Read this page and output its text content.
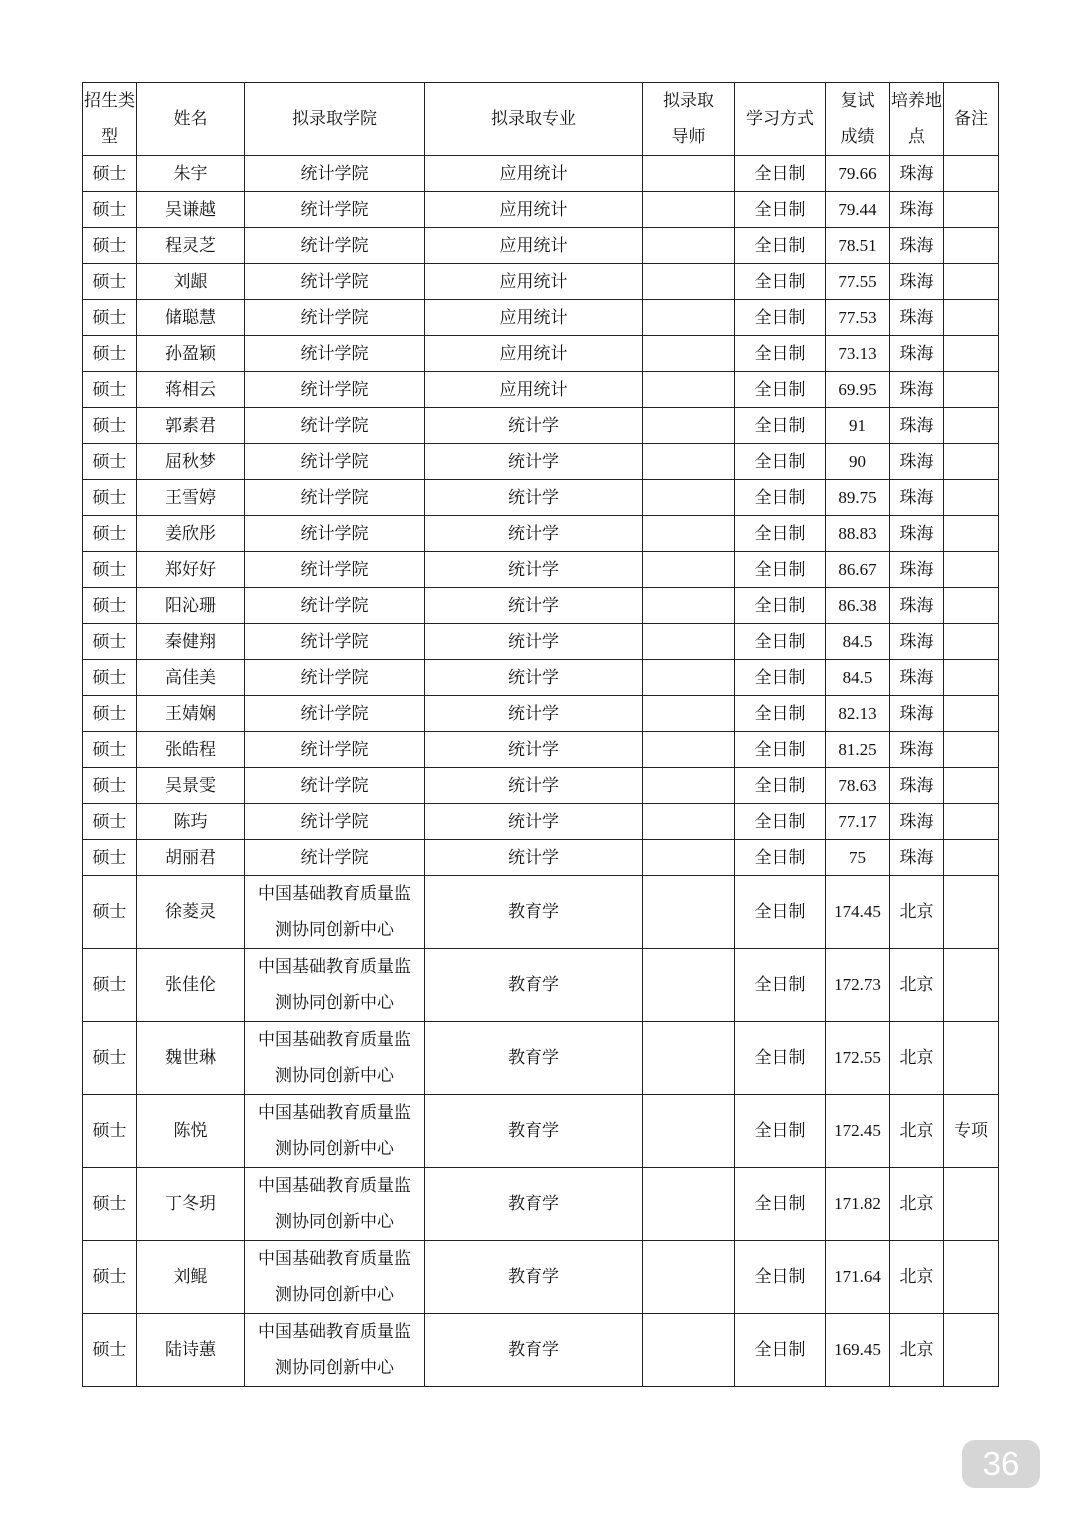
招生类型	姓名	拟录取学院	拟录取专业	拟录取导师	学习方式	复试成绩	培养地点	备注
硕士	朱宇	统计学院	应用统计		全日制	79.66	珠海	
硕士	吴谦越	统计学院	应用统计		全日制	79.44	珠海	
硕士	程灵芝	统计学院	应用统计		全日制	78.51	珠海	
硕士	刘龈	统计学院	应用统计		全日制	77.55	珠海	
硕士	储聪慧	统计学院	应用统计		全日制	77.53	珠海	
硕士	孙盈颖	统计学院	应用统计		全日制	73.13	珠海	
硕士	蒋相云	统计学院	应用统计		全日制	69.95	珠海	
硕士	郭素君	统计学院	统计学		全日制	91	珠海	
硕士	屈秋梦	统计学院	统计学		全日制	90	珠海	
硕士	王雪婷	统计学院	统计学		全日制	89.75	珠海	
硕士	姜欣彤	统计学院	统计学		全日制	88.83	珠海	
硕士	郑好好	统计学院	统计学		全日制	86.67	珠海	
硕士	阳沁珊	统计学院	统计学		全日制	86.38	珠海	
硕士	秦健翔	统计学院	统计学		全日制	84.5	珠海	
硕士	高佳美	统计学院	统计学		全日制	84.5	珠海	
硕士	王婧娴	统计学院	统计学		全日制	82.13	珠海	
硕士	张皓程	统计学院	统计学		全日制	81.25	珠海	
硕士	吴景雯	统计学院	统计学		全日制	78.63	珠海	
硕士	陈玙	统计学院	统计学		全日制	77.17	珠海	
硕士	胡丽君	统计学院	统计学		全日制	75	珠海	
硕士	徐菱灵	中国基础教育质量监测协同创新中心	教育学		全日制	174.45	北京	
硕士	张佳伦	中国基础教育质量监测协同创新中心	教育学		全日制	172.73	北京	
硕士	魏世琳	中国基础教育质量监测协同创新中心	教育学		全日制	172.55	北京	
硕士	陈悦	中国基础教育质量监测协同创新中心	教育学		全日制	172.45	北京	专项
硕士	丁冬玥	中国基础教育质量监测协同创新中心	教育学		全日制	171.82	北京	
硕士	刘鲲	中国基础教育质量监测协同创新中心	教育学		全日制	171.64	北京	
硕士	陆诗蕙	中国基础教育质量监测协同创新中心	教育学		全日制	169.45	北京	
36
